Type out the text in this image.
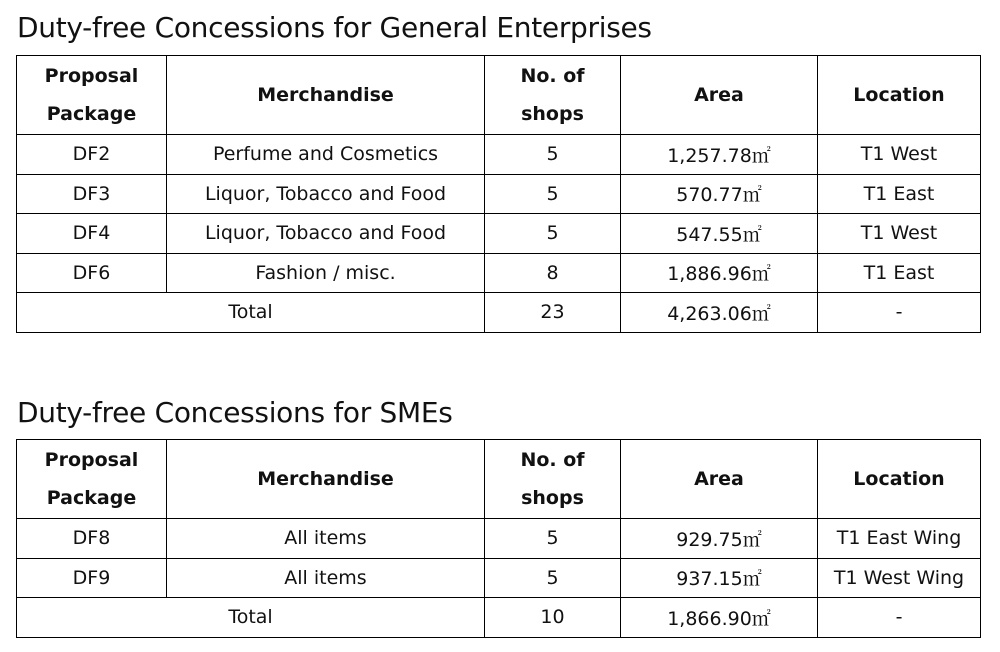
Duty-free Concessions for General Enterprises
Proposal Package	Merchandise	No. of shops	Area	Location
DF2	Perfume and Cosmetics	5	1,257.78㎡	T1 West
DF3	Liquor, Tobacco and Food	5	570.77㎡	T1 East
DF4	Liquor, Tobacco and Food	5	547.55㎡	T1 West
DF6	Fashion / misc.	8	1,886.96㎡	T1 East
Total		23	4,263.06㎡	-
Duty-free Concessions for SMEs
Proposal Package	Merchandise	No. of shops	Area	Location
DF8	All items	5	929.75㎡	T1 East Wing
DF9	All items	5	937.15㎡	T1 West Wing
Total		10	1,866.90㎡	-
